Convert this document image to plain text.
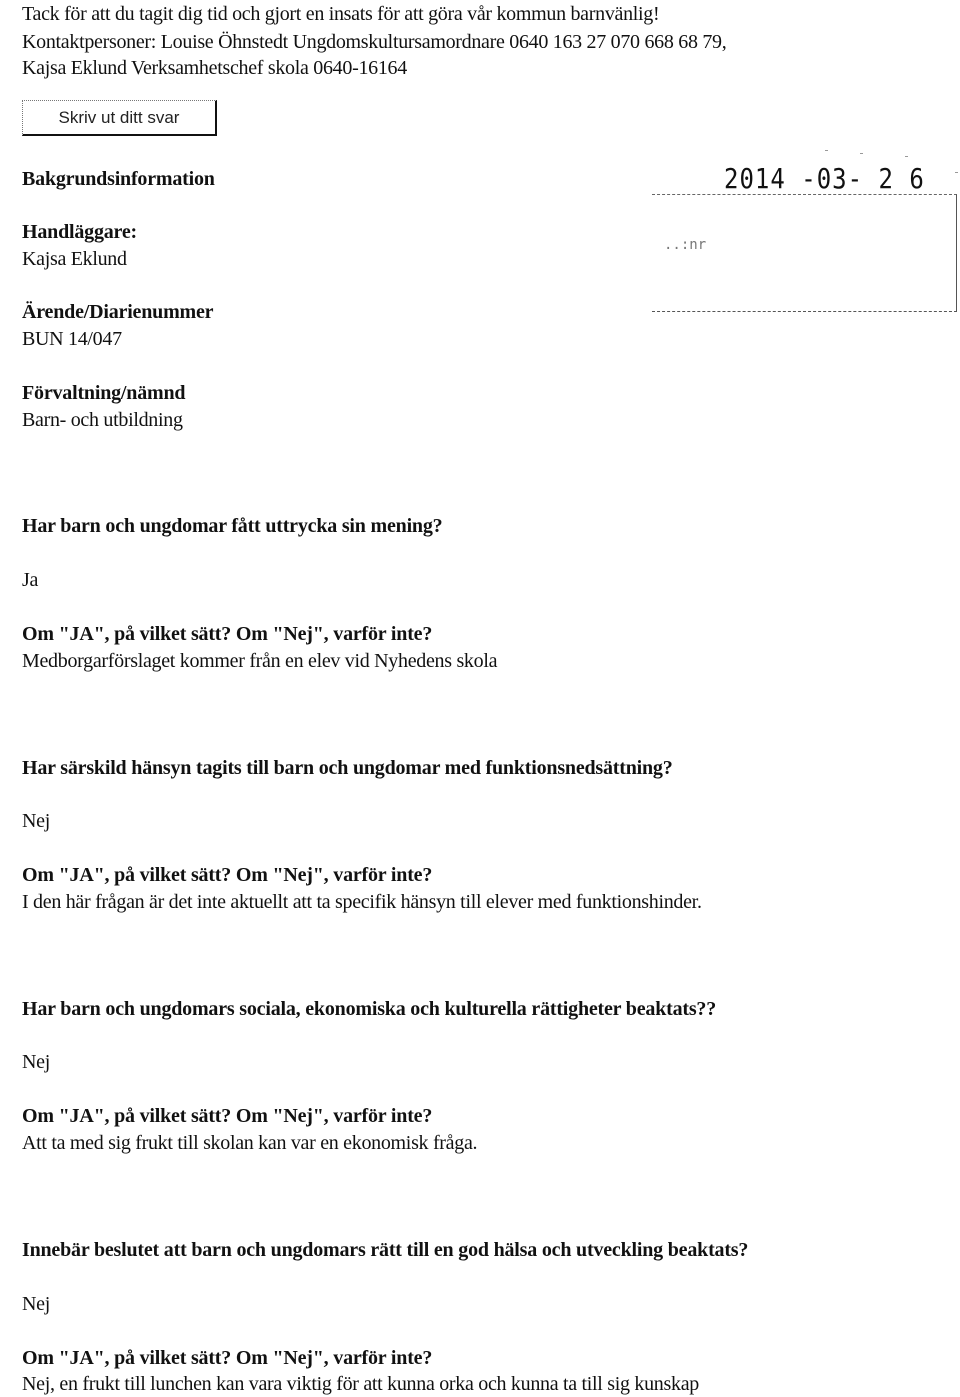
Tack för att du tagit dig tid och gjort en insats för att göra vår kommun barnvänlig!
Kontaktpersoner: Louise Öhnstedt Ungdomskultursamordnare 0640 163 27 070 668 68 79,
Kajsa Eklund Verksamhetschef skola 0640-16164
Skriv ut ditt svar
2014 -03- 2 6
..:nr
Bakgrundsinformation
Handläggare:
Kajsa Eklund
Ärende/Diarienummer
BUN 14/047
Förvaltning/nämnd
Barn- och utbildning
Har barn och ungdomar fått uttrycka sin mening?
Ja
Om "JA", på vilket sätt? Om "Nej", varför inte?
Medborgarförslaget kommer från en elev vid Nyhedens skola
Har särskild hänsyn tagits till barn och ungdomar med funktionsnedsättning?
Nej
Om "JA", på vilket sätt? Om "Nej", varför inte?
I den här frågan är det inte aktuellt att ta specifik hänsyn till elever med funktionshinder.
Har barn och ungdomars sociala, ekonomiska och kulturella rättigheter beaktats??
Nej
Om "JA", på vilket sätt? Om "Nej", varför inte?
Att ta med sig frukt till skolan kan var en ekonomisk fråga.
Innebär beslutet att barn och ungdomars rätt till en god hälsa och utveckling beaktats?
Nej
Om "JA", på vilket sätt? Om "Nej", varför inte?
Nej, en frukt till lunchen kan vara viktig för att kunna orka och kunna ta till sig kunskap
